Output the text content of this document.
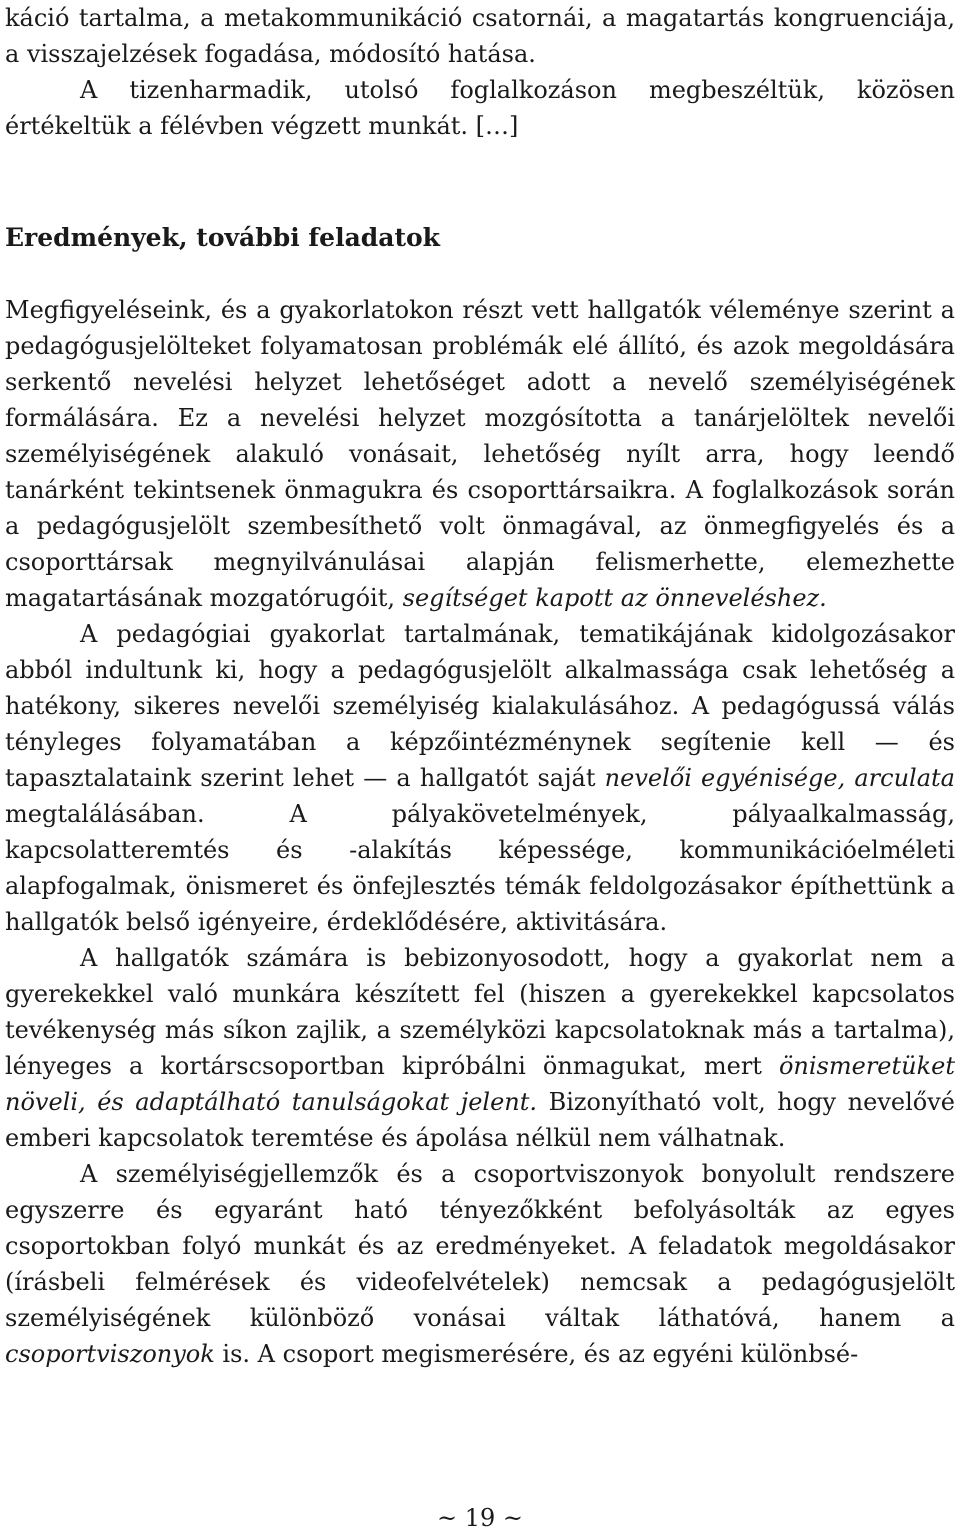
káció tartalma, a metakommunikáció csatornái, a magatartás kongruenciája, a visszajelzések fogadása, módosító hatása.

A tizenharmadik, utolsó foglalkozáson megbeszéltük, közösen értékeltük a félévben végzett munkát. […]

Eredmények, további feladatok

Megfigyeléseink, és a gyakorlatokon részt vett hallgatók véleménye szerint a pedagógusjelölteket folyamatosan problémák elé állító, és azok megoldására serkentő nevelési helyzet lehetőséget adott a nevelő személyiségének formálására. Ez a nevelési helyzet mozgósította a tanárjelöltek nevelői személyiségének alakuló vonásait, lehetőség nyílt arra, hogy leendő tanárként tekintsenek önmagukra és csoporttársaikra. A foglalkozások során a pedagógusjelölt szembesíthető volt önmagával, az önmegfigyelés és a csoporttársak megnyilvánulásai alapján felismerhette, elemezhette magatartásának mozgatórugóit, segítséget kapott az önneveléshez.

A pedagógiai gyakorlat tartalmának, tematikájának kidolgozásakor abból indultunk ki, hogy a pedagógusjelölt alkalmassága csak lehetőség a hatékony, sikeres nevelői személyiség kialakulásához. A pedagógussá válás tényleges folyamatában a képzőintézménynek segítenie kell — és tapasztalataink szerint lehet — a hallgatót saját nevelői egyénisége, arculata megtalálásában. A pályakövetelmények, pályaalkalmasság, kapcsolatteremtés és -alakítás képessége, kommunikációelméleti alapfogalmak, önismeret és önfejlesztés témák feldolgozásakor építhettünk a hallgatók belső igényeire, érdeklődésére, aktivitására.

A hallgatók számára is bebizonyosodott, hogy a gyakorlat nem a gyerekekkel való munkára készített fel (hiszen a gyerekekkel kapcsolatos tevékenység más síkon zajlik, a személyközi kapcsolatoknak más a tartalma), lényeges a kortárscsoportban kipróbálni önmagukat, mert önismeretüket növeli, és adaptálható tanulságokat jelent. Bizonyítható volt, hogy nevelővé emberi kapcsolatok teremtése és ápolása nélkül nem válhatnak.

A személyiségjellemzők és a csoportviszonyok bonyolult rendszere egyszerre és egyaránt ható tényezőkként befolyásolták az egyes csoportokban folyó munkát és az eredményeket. A feladatok megoldásakor (írásbeli felmérések és videofelvételek) nemcsak a pedagógusjelölt személyiségének különböző vonásai váltak láthatóvá, hanem a csoportviszonyok is. A csoport megismerésére, és az egyéni különbsé-

~ 19 ~
